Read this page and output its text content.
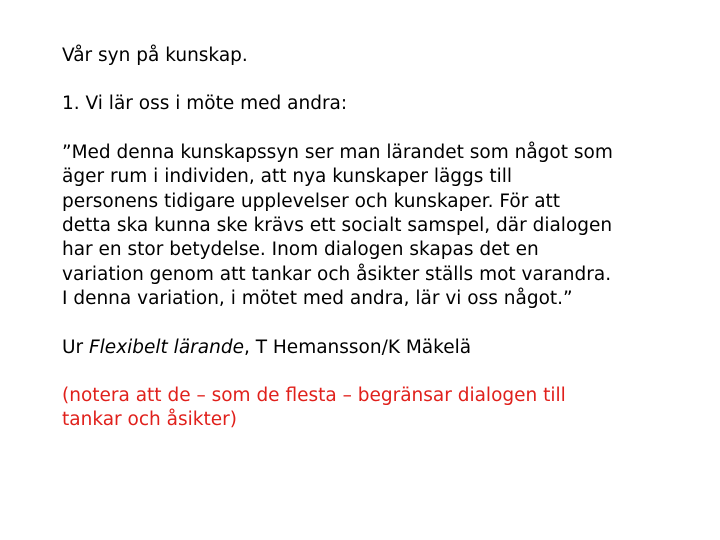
Vår syn på kunskap.
1. Vi lär oss i möte med andra:
”Med denna kunskapssyn ser man lärandet som något som
äger rum i individen, att nya kunskaper läggs till
personens tidigare upplevelser och kunskaper. För att
detta ska kunna ske krävs ett socialt samspel, där dialogen
har en stor betydelse. Inom dialogen skapas det en
variation genom att tankar och åsikter ställs mot varandra.
I denna variation, i mötet med andra, lär vi oss något.”
Ur Flexibelt lärande, T Hemansson/K Mäkelä
(notera att de – som de flesta – begränsar dialogen till
tankar och åsikter)
